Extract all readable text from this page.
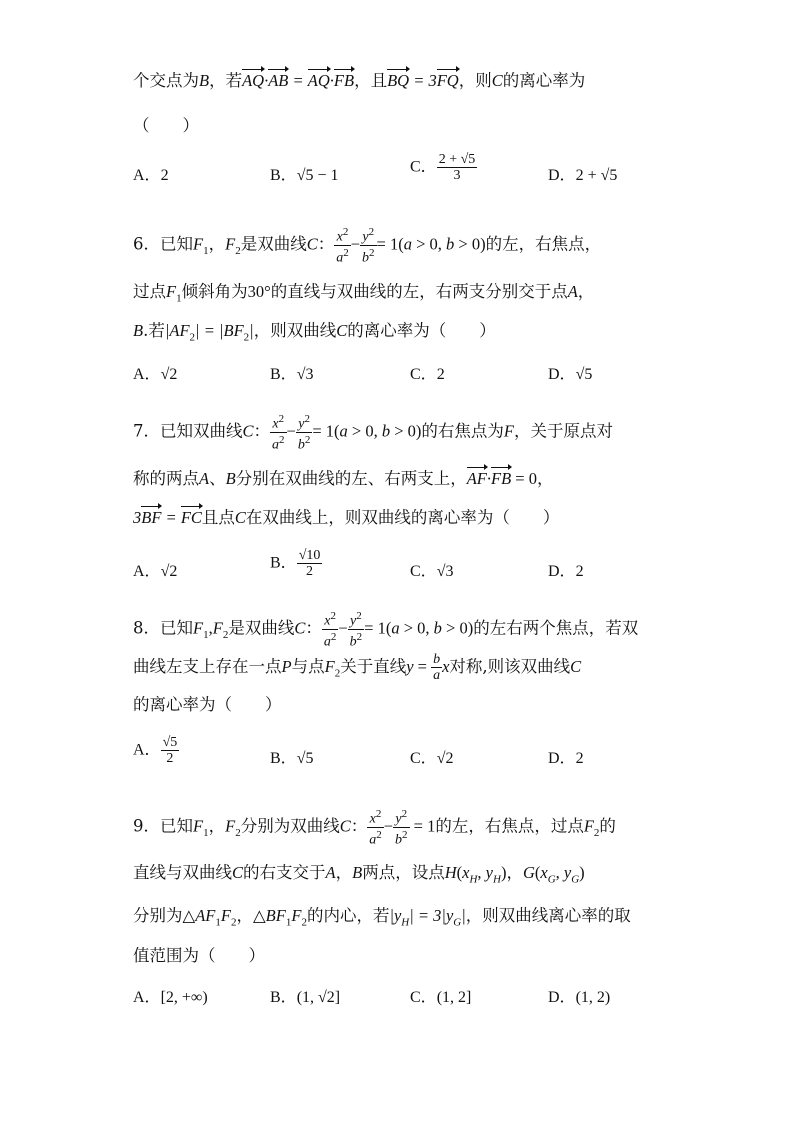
个交点为B，若AQ·AB = AQ·FB，且BQ = 3FQ，则C的离心率为
（　　）
A．2	B．√5 − 1	C． $\frac{2 + √5}{3}$	D．2 + √5
6．已知$F_1$，$F_2$是双曲线C： $\frac{x^2}{a^2} - \frac{y^2}{b^2} = 1(a > 0$, b > 0)的左，右焦点，
过点$F_1$倾斜角为30°的直线与双曲线的左，右两支分别交于点A，
B.若$|AF_2| = |BF_2|$，则双曲线C的离心率为（　　）
A．√2	B．√3	C．2	D．√5
7．已知双曲线C： $\frac{x^2}{a^2} - \frac{y^2}{b^2} = 1(a > 0$, b > 0)的右焦点为F，关于原点对
称的两点A、B分别在双曲线的左、右两支上，AF·FB = 0，
3BF = FC且点C在双曲线上，则双曲线的离心率为（　　）
A．√2	B． $\frac{√10}{2}$	C．√3	D．2
8．已知$F_1,F_2$是双曲线C： $\frac{x^2}{a^2} - \frac{y^2}{b^2} = 1(a > 0$, b > 0)的左右两个焦点，若双
曲线左支上存在一点P与点$F_2$关于直线$y = \frac{b}{a}$ x对称,则该双曲线C
的离心率为（　　）
A． $\frac{√5}{2}$	B．√5	C．√2	D．2
9．已知$F_1$，$F_2$分别为双曲线C： $\frac{x^2}{a^2} - \frac{y^2}{b^2} = 1$的左，右焦点，过点$F_2$的
直线与双曲线C的右支交于A，B两点，设点$H(x_H$, $y_H$)，$G(x_G$, $y_G$)
分别为$\triangle AF_1F_2$，$\triangle BF_1F_2$的内心，若$|y_H| = 3|y_G|$，则双曲线离心率的取
值范围为（　　）
A．[2, +∞)	B．(1, √2]	C．(1, 2]	D．(1, 2)
